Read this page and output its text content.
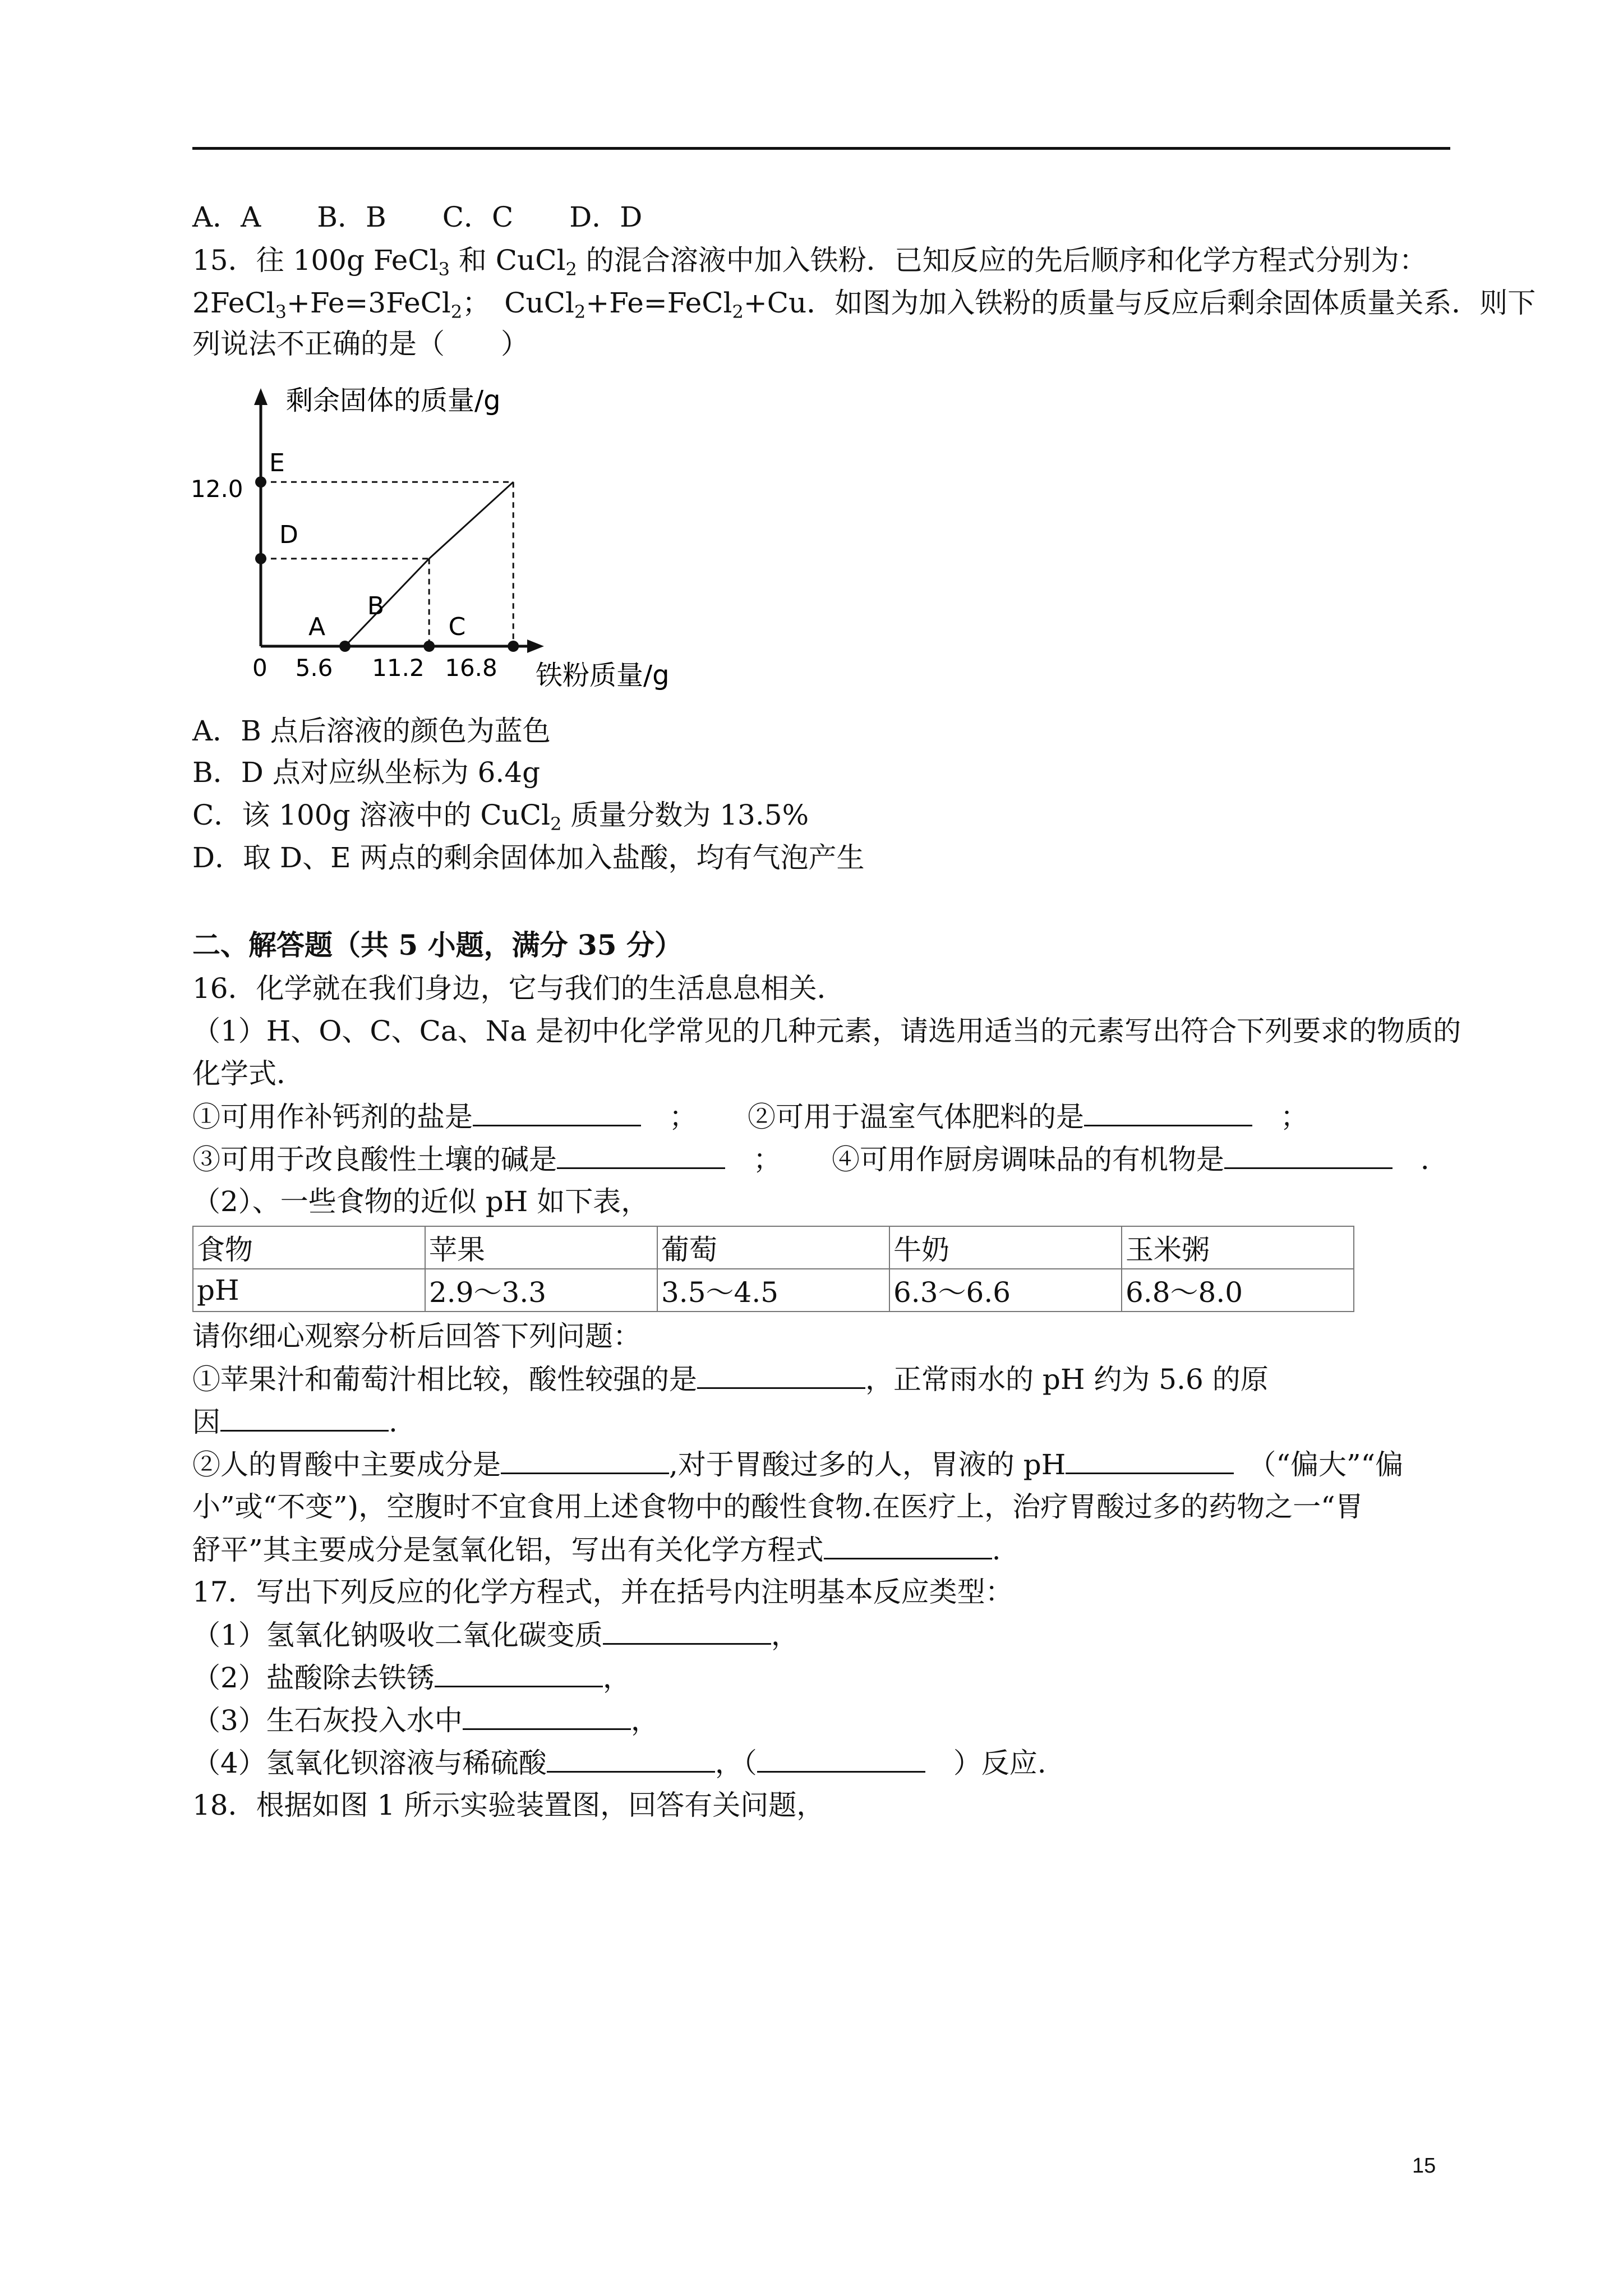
A．A　　B．B　　C．C　　D．D
15．往 100g FeCl$_3$ 和 CuCl$_2$ 的混合溶液中加入铁粉．已知反应的先后顺序和化学方程式分别为：
2FeCl$_3$+Fe=3FeCl$_2$；　CuCl$_2$+Fe=FeCl$_2$+Cu．如图为加入铁粉的质量与反应后剩余固体质量关系．则下
列说法不正确的是（　　）
剩余固体的质量/g
铁粉质量/g
0
12.0
5.6 11.2 16.8
A
B
C
D
E
A．B 点后溶液的颜色为蓝色
B．D 点对应纵坐标为 6.4g
C．该 100g 溶液中的 CuCl$_2$ 质量分数为 13.5%
D．取 D、E 两点的剩余固体加入盐酸，均有气泡产生
二、解答题（共 5 小题，满分 35 分）
16．化学就在我们身边，它与我们的生活息息相关．
（1）H、O、C、Ca、Na 是初中化学常见的几种元素，请选用适当的元素写出符合下列要求的物质的
化学式．
①可用作补钙剂的盐是　	； ②可用于温室气体肥料的是　	；
③可用于改良酸性土壤的碱是　	； ④可用作厨房调味品的有机物是　	．
（2）、一些食物的近似 pH 如下表，
食物	苹果	葡萄	牛奶	玉米粥
pH	2.9～3.3	3.5～4.5	6.3～6.6	6.8～8.0
请你细心观察分析后回答下列问题：
①苹果汁和葡萄汁相比较，酸性较强的是	，正常雨水的 pH 约为 5.6 的原
因	.
②人的胃酸中主要成分是	,对于胃酸过多的人，胃液的 pH　	（“偏大”“偏
小”或“不变”)，空腹时不宜食用上述食物中的酸性食物.在医疗上，治疗胃酸过多的药物之一“胃
舒平”其主要成分是氢氧化铝，写出有关化学方程式	.
17．写出下列反应的化学方程式，并在括号内注明基本反应类型：
（1）氢氧化钠吸收二氧化碳变质	，
（2）盐酸除去铁锈	，
（3）生石灰投入水中	，
（4）氢氧化钡溶液与稀硫酸	，（　	）反应.
18．根据如图 1 所示实验装置图，回答有关问题，
15
